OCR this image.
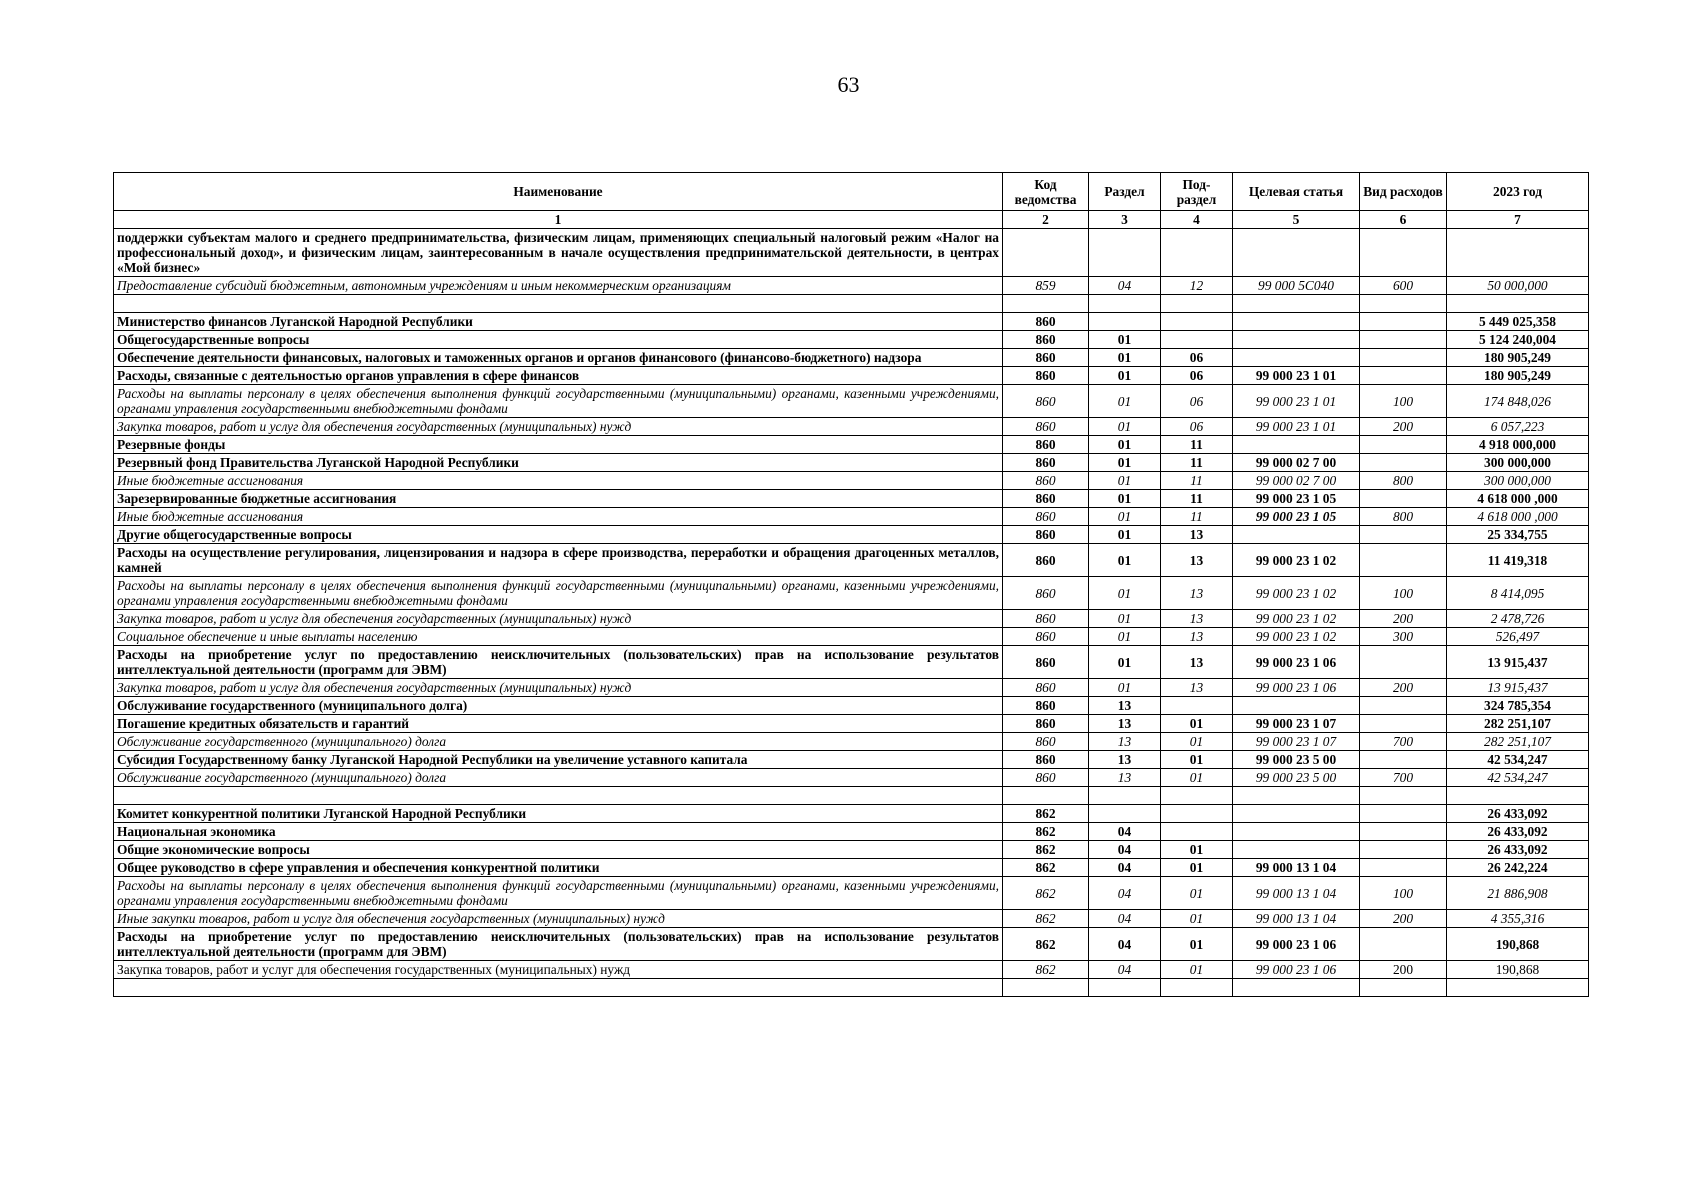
63
Наименование	Код ведомства	Раздел	Под-раздел	Целевая статья	Вид расходов	2023 год
1	2	3	4	5	6	7
поддержки субъектам малого и среднего предпринимательства, физическим лицам, применяющих специальный налоговый режим «Налог на профессиональный доход», и физическим лицам, заинтересованным в начале осуществления предпринимательской деятельности, в центрах «Мой бизнес»						
Предоставление субсидий бюджетным, автономным учреждениям и иным некоммерческим организациям	859	04	12	99 000 5C040	600	50 000,000

Министерство финансов Луганской Народной Республики	860					5 449 025,358
Общегосударственные вопросы	860	01				5 124 240,004
Обеспечение деятельности финансовых, налоговых и таможенных органов и органов финансового (финансово-бюджетного) надзора	860	01	06			180 905,249
Расходы, связанные с деятельностью органов управления в сфере финансов	860	01	06	99 000 23 1 01		180 905,249
Расходы на выплаты персоналу в целях обеспечения выполнения функций государственными (муниципальными) органами, казенными учреждениями, органами управления государственными внебюджетными фондами	860	01	06	99 000 23 1 01	100	174 848,026
Закупка товаров, работ и услуг для обеспечения государственных (муниципальных) нужд	860	01	06	99 000 23 1 01	200	6 057,223
Резервные фонды	860	01	11			4 918 000,000
Резервный фонд Правительства Луганской Народной Республики	860	01	11	99 000 02 7 00		300 000,000
Иные бюджетные ассигнования	860	01	11	99 000 02 7 00	800	300 000,000
Зарезервированные бюджетные ассигнования	860	01	11	99 000 23 1 05		4 618 000 ,000
Иные бюджетные ассигнования	860	01	11	99 000 23 1 05	800	4 618 000 ,000
Другие общегосударственные вопросы	860	01	13			25 334,755
Расходы на осуществление регулирования, лицензирования и надзора в сфере производства, переработки и обращения драгоценных металлов, камней	860	01	13	99 000 23 1 02		11 419,318
Расходы на выплаты персоналу в целях обеспечения выполнения функций государственными (муниципальными) органами, казенными учреждениями, органами управления государственными внебюджетными фондами	860	01	13	99 000 23 1 02	100	8 414,095
Закупка товаров, работ и услуг для обеспечения государственных (муниципальных) нужд	860	01	13	99 000 23 1 02	200	2 478,726
Социальное обеспечение и иные выплаты населению	860	01	13	99 000 23 1 02	300	526,497
Расходы на приобретение услуг по предоставлению неисключительных (пользовательских) прав на использование результатов интеллектуальной деятельности (программ для ЭВМ)	860	01	13	99 000 23 1 06		13 915,437
Закупка товаров, работ и услуг для обеспечения государственных (муниципальных) нужд	860	01	13	99 000 23 1 06	200	13 915,437
Обслуживание государственного (муниципального долга)	860	13				324 785,354
Погашение кредитных обязательств и гарантий	860	13	01	99 000 23 1 07		282 251,107
Обслуживание государственного (муниципального) долга	860	13	01	99 000 23 1 07	700	282 251,107
Субсидия Государственному банку Луганской Народной Республики на увеличение уставного капитала	860	13	01	99 000 23 5 00		42 534,247
Обслуживание государственного (муниципального) долга	860	13	01	99 000 23 5 00	700	42 534,247

Комитет конкурентной политики Луганской Народной Республики	862					26 433,092
Национальная экономика	862	04				26 433,092
Общие экономические вопросы	862	04	01			26 433,092
Общее руководство в сфере управления и обеспечения конкурентной политики	862	04	01	99 000 13 1 04		26 242,224
Расходы на выплаты персоналу в целях обеспечения выполнения функций государственными (муниципальными) органами, казенными учреждениями, органами управления государственными внебюджетными фондами	862	04	01	99 000 13 1 04	100	21 886,908
Иные закупки товаров, работ и услуг для обеспечения государственных (муниципальных) нужд	862	04	01	99 000 13 1 04	200	4 355,316
Расходы на приобретение услуг по предоставлению неисключительных (пользовательских) прав на использование результатов интеллектуальной деятельности (программ для ЭВМ)	862	04	01	99 000 23 1 06		190,868
Закупка товаров, работ и услуг для обеспечения государственных (муниципальных) нужд	862	04	01	99 000 23 1 06	200	190,868
